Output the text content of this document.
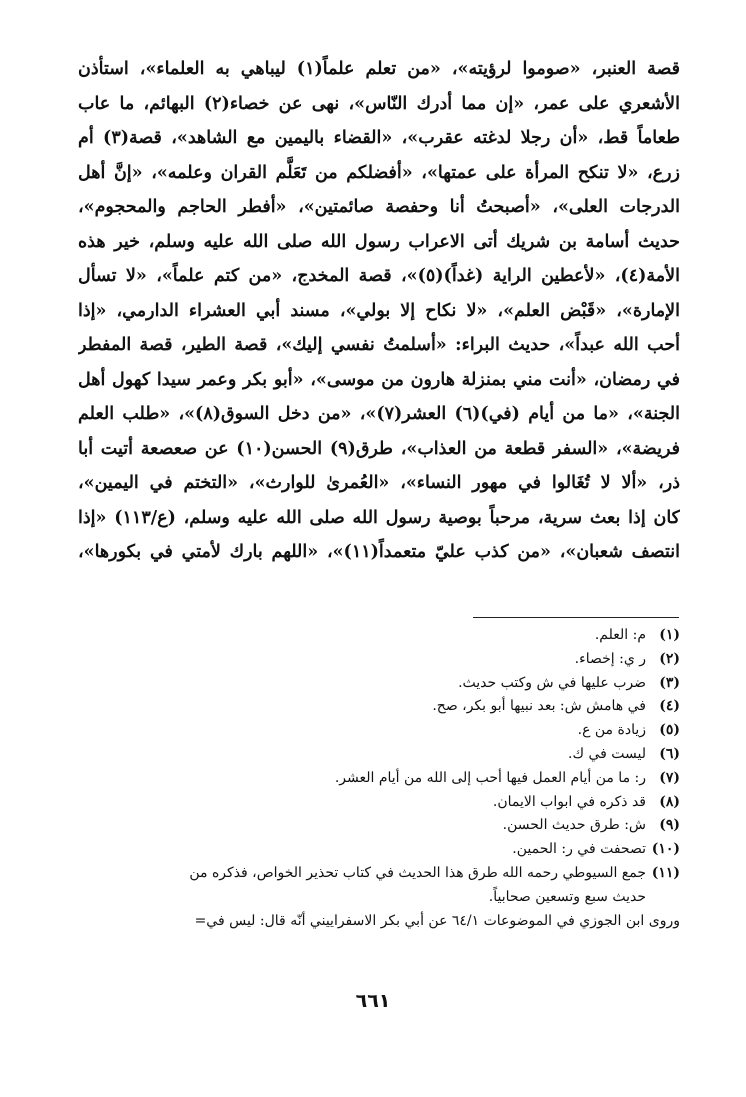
قصة العنبر، «صوموا لرؤيته»، «من تعلم علماً(١) ليباهي به العلماء»، استأذن
الأشعري على عمر، «إن مما أدرك النّاس»، نهى عن خصاء(٢) البهائم، ما عاب
طعاماً قط، «أن رجلا لدغته عقرب»، «القضاء باليمين مع الشاهد»، قصة(٣) أم
زرع، «لا تنكح المرأة على عمتها»، «أفضلكم من تَعَلَّم القران وعلمه»، «إنَّ أهل
الدرجات العلى»، «أصبحتُ أنا وحفصة صائمتين»، «أفطر الحاجم والمحجوم»،
حديث أسامة بن شريك أتى الاعراب رسول الله صلى الله عليه وسلم، خير هذه
الأمة(٤)، «لأعطين الراية (غداً)(٥)»، قصة المخدج، «من كتم علماً»، «لا تسأل
الإمارة»، «قَبْض العلم»، «لا نكاح إلا بولي»، مسند أبي العشراء الدارمي، «إذا
أحب الله عبداً»، حديث البراء: «أسلمتُ نفسي إليك»، قصة الطير، قصة المفطر
في رمضان، «أنت مني بمنزلة هارون من موسى»، «أبو بكر وعمر سيدا كهول أهل
الجنة»، «ما من أيام (في)(٦) العشر(٧)»، «من دخل السوق(٨)»، «طلب العلم
فريضة»، «السفر قطعة من العذاب»، طرق(٩) الحسن(١٠) عن صعصعة أتيت أبا
ذر، «ألا لا تُغَالوا في مهور النساء»، «العُمرىٰ للوارث»، «التختم في اليمين»،
كان إذا بعث سرية، مرحباً بوصية رسول الله صلى الله عليه وسلم، (ع/١١٣) «إذا
انتصف شعبان»، «من كذب عليّ متعمداً(١١)»، «اللهم بارك لأمتي في بكورها»،
(١)
م: العلم.
(٢)
ر ي: إخصاء.
(٣)
ضرب عليها في ش وكتب حديث.
(٤)
في هامش ش: بعد نبيها أبو بكر، صح.
(٥)
زيادة من ع.
(٦)
ليست في ك.
(٧)
ر: ما من أيام العمل فيها أحب إلى الله من أيام العشر.
(٨)
قد ذكره في ابواب الايمان.
(٩)
ش: طرق حديث الحسن.
(١٠)
تصحفت في ر: الحمين.
(١١)
جمع السيوطي رحمه الله طرق هذا الحديث في كتاب تحذير الخواص، فذكره من
حديث سبع وتسعين صحابياً.
وروى ابن الجوزي في الموضوعات ٦٤/١ عن أبي بكر الاسفراييني أنّه قال: ليس في=
٦٦١
